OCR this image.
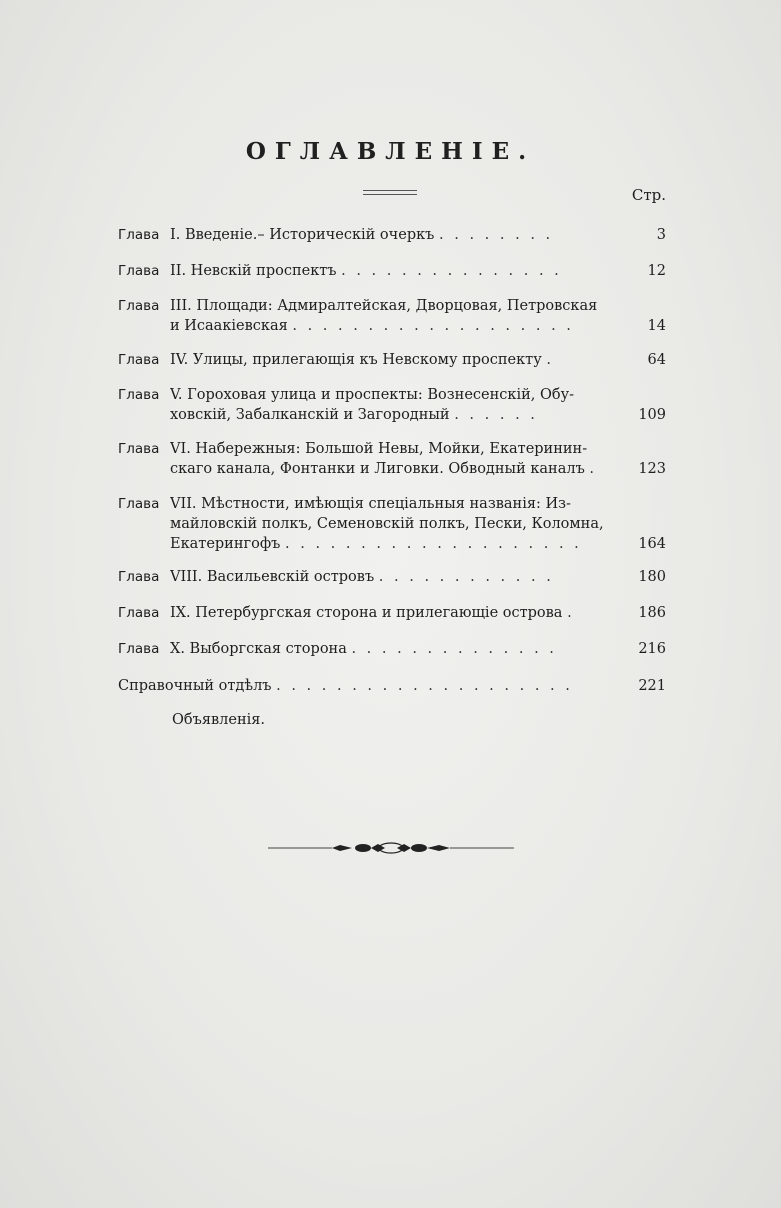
ОГЛАВЛЕНІЕ.
Стр.
Глава I. Введеніе.– Историческій очеркъ . . . . . . . .	3
Глава II. Невскій проспектъ . . . . . . . . . . . . . . .	12
Глава III. Площади: Адмиралтейская, Дворцовая, Петровская
и Исаакіевская . . . . . . . . . . . . . . . . . . .	14
Глава IV. Улицы, прилегающія къ Невскому проспекту .	64
Глава V. Гороховая улица и проспекты: Вознесенскій, Обу-
ховскій, Забалканскій и Загородный . . . . . .	109
Глава VI. Набережныя: Большой Невы, Мойки, Екатеринин-
скаго канала, Фонтанки и Лиговки. Обводный каналъ .	123
Глава VII. Мѣстности, имѣющія спеціальныя названія: Из-
майловскій полкъ, Семеновскій полкъ, Пески, Коломна,
Екатерингофъ . . . . . . . . . . . . . . . . . . . .	164
Глава VIII. Васильевскій островъ . . . . . . . . . . . .	180
Глава IX. Петербургская сторона и прилегающіе острова .	186
Глава X. Выборгская сторона . . . . . . . . . . . . . .	216
Справочный отдѣлъ . . . . . . . . . . . . . . . . . . . .	221
Объявленія.
